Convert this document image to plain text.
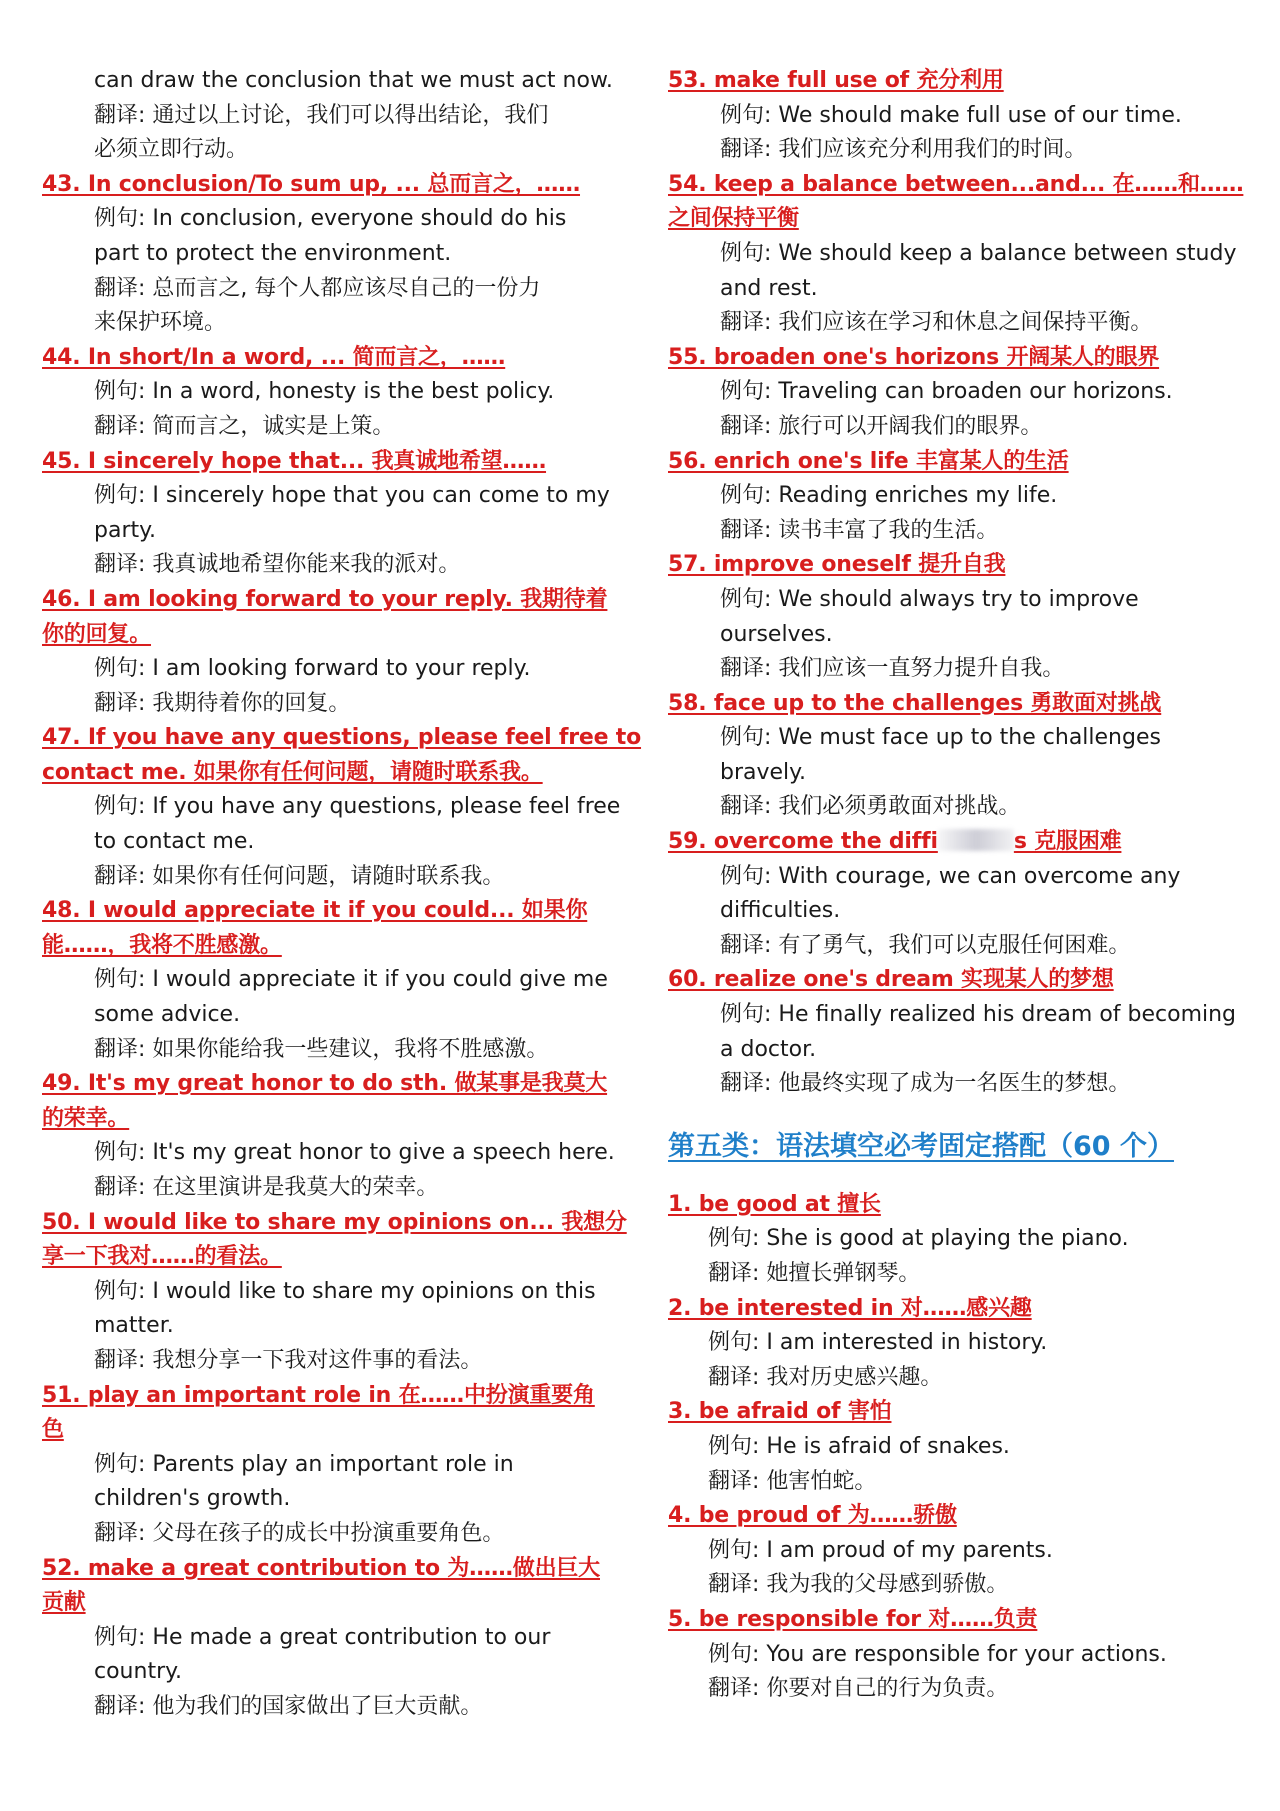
can draw the conclusion that we must act now.
翻译: 通过以上讨论，我们可以得出结论，我们
必须立即行动。
43. In conclusion/To sum up, ... 总而言之，……
例句: In conclusion, everyone should do his
part to protect the environment.
翻译: 总而言之, 每个人都应该尽自己的一份力
来保护环境。
44. In short/In a word, ... 简而言之，……
例句: In a word, honesty is the best policy.
翻译: 简而言之，诚实是上策。
45. I sincerely hope that... 我真诚地希望……
例句: I sincerely hope that you can come to my
party.
翻译: 我真诚地希望你能来我的派对。
46. I am looking forward to your reply. 我期待着
你的回复。
例句: I am looking forward to your reply.
翻译: 我期待着你的回复。
47. If you have any questions, please feel free to
contact me. 如果你有任何问题，请随时联系我。
例句: If you have any questions, please feel free
to contact me.
翻译: 如果你有任何问题，请随时联系我。
48. I would appreciate it if you could... 如果你
能……，我将不胜感激。
例句: I would appreciate it if you could give me
some advice.
翻译: 如果你能给我一些建议，我将不胜感激。
49. It's my great honor to do sth. 做某事是我莫大
的荣幸。
例句: It's my great honor to give a speech here.
翻译: 在这里演讲是我莫大的荣幸。
50. I would like to share my opinions on... 我想分
享一下我对……的看法。
例句: I would like to share my opinions on this
matter.
翻译: 我想分享一下我对这件事的看法。
51. play an important role in 在……中扮演重要角
色
例句: Parents play an important role in
children's growth.
翻译: 父母在孩子的成长中扮演重要角色。
52. make a great contribution to 为……做出巨大
贡献
例句: He made a great contribution to our
country.
翻译: 他为我们的国家做出了巨大贡献。
53. make full use of 充分利用
例句: We should make full use of our time.
翻译: 我们应该充分利用我们的时间。
54. keep a balance between...and... 在……和……
之间保持平衡
例句: We should keep a balance between study
and rest.
翻译: 我们应该在学习和休息之间保持平衡。
55. broaden one's horizons 开阔某人的眼界
例句: Traveling can broaden our horizons.
翻译: 旅行可以开阔我们的眼界。
56. enrich one's life 丰富某人的生活
例句: Reading enriches my life.
翻译: 读书丰富了我的生活。
57. improve oneself 提升自我
例句: We should always try to improve
ourselves.
翻译: 我们应该一直努力提升自我。
58. face up to the challenges 勇敢面对挑战
例句: We must face up to the challenges
bravely.
翻译: 我们必须勇敢面对挑战。
59. overcome the diffi	s 克服困难
例句: With courage, we can overcome any
difficulties.
翻译: 有了勇气，我们可以克服任何困难。
60. realize one's dream 实现某人的梦想
例句: He finally realized his dream of becoming
a doctor.
翻译: 他最终实现了成为一名医生的梦想。
第五类：语法填空必考固定搭配（60 个）
1. be good at 擅长
例句: She is good at playing the piano.
翻译: 她擅长弹钢琴。
2. be interested in 对……感兴趣
例句: I am interested in history.
翻译: 我对历史感兴趣。
3. be afraid of 害怕
例句: He is afraid of snakes.
翻译: 他害怕蛇。
4. be proud of 为……骄傲
例句: I am proud of my parents.
翻译: 我为我的父母感到骄傲。
5. be responsible for 对……负责
例句: You are responsible for your actions.
翻译: 你要对自己的行为负责。
